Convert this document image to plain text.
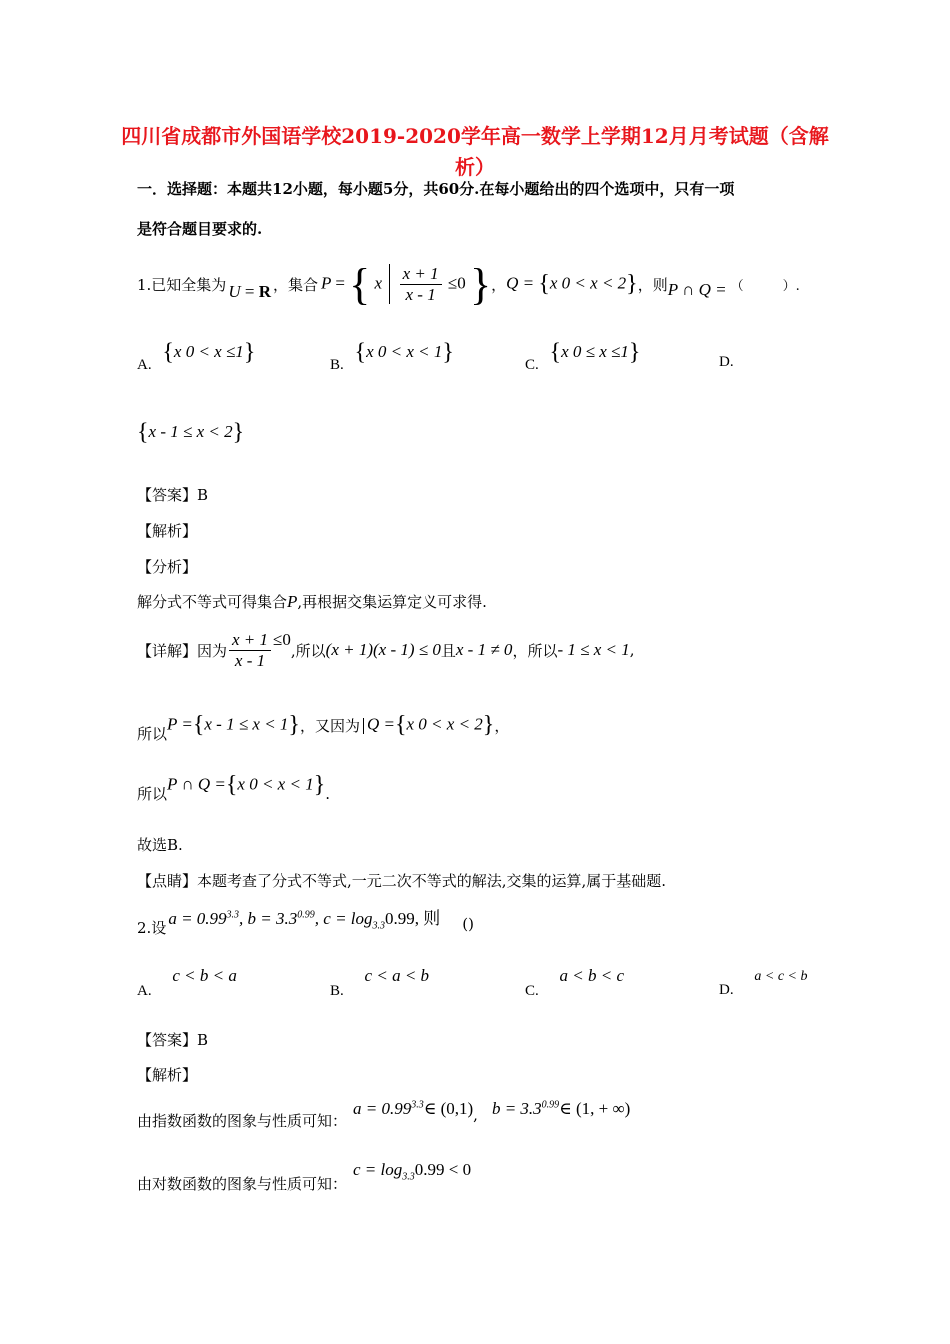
四川省成都市外国语学校2019-2020学年高一数学上学期12月月考试题（含解析）
一．选择题：本题共12小题，每小题5分，共60分.在每小题给出的四个选项中，只有一项
是符合题目要求的.
1.已知全集为 U = R ，集合 P = { x $\frac{x + 1}{x - 1} \le 0$ } ， Q = {x 0 < x < 2} ，则 P ∩ Q = （　　　）.
A. {x 0 < x ≤1}	B. {x 0 < x < 1}	C. {x 0 ≤ x ≤1}	D.
{x - 1 ≤ x < 2}
【答案】B
【解析】
【分析】
解分式不等式可得集合P,再根据交集运算定义可求得.
【详解】因为 $\frac{x + 1}{x - 1} \le 0$
,所以 (x + 1)(x - 1) ≤ 0 且 x - 1 ≠ 0 ，所以 - 1 ≤ x < 1 ,
所以
P ={x - 1 ≤ x < 1} ，又因为 Q ={x 0 < x < 2} ，
所以
P ∩ Q ={x 0 < x < 1} .
故选B.
【点睛】本题考查了分式不等式,一元二次不等式的解法,交集的运算,属于基础题.
2.设
$a = 0.99^{3.3}$, $b = 3.3^{0.99}$, $c = \log_{3.3}0.99$, 则 ()
A. c < b < a
B. c < a < b
C. a < b < c
D. a < c < b
【答案】B
【解析】
由指数函数的图象与性质可知：
$a = 0.99^{3.3}\in$ (0,1) , $b = 3.3^{0.99}\in$ (1, + ∞)
由对数函数的图象与性质可知：
$c = \log_{3.3}0.99 < 0$
